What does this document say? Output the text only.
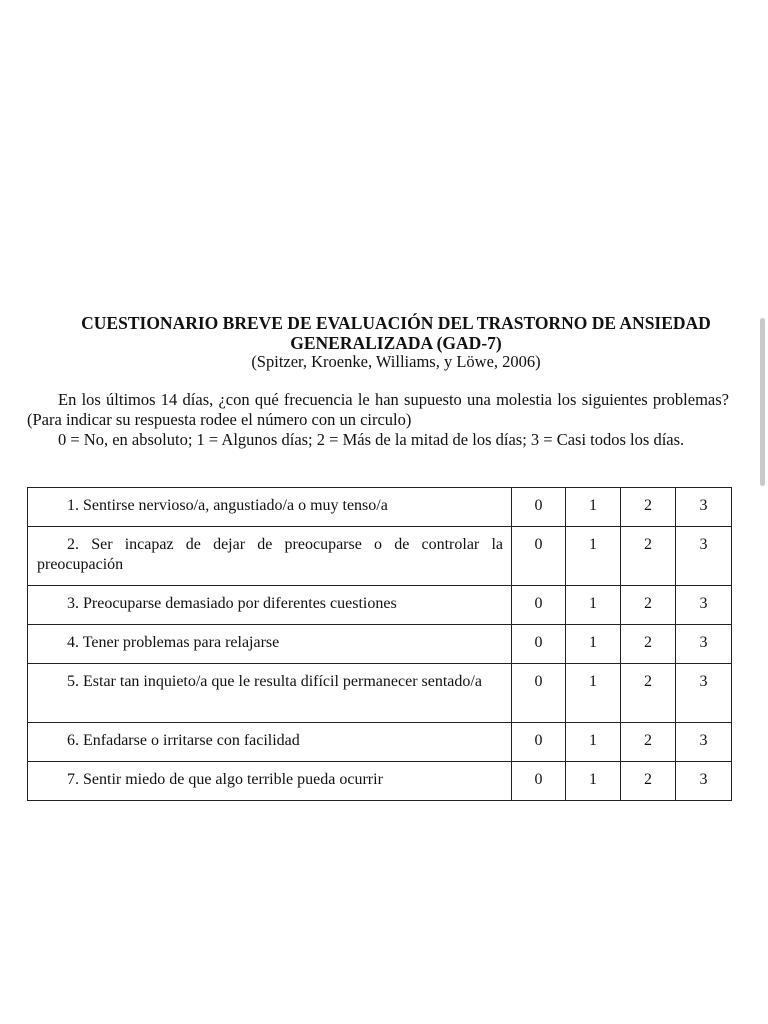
CUESTIONARIO BREVE DE EVALUACIÓN DEL TRASTORNO DE ANSIEDAD
GENERALIZADA (GAD-7)
(Spitzer, Kroenke, Williams, y Löwe, 2006)

En los últimos 14 días, ¿con qué frecuencia le han supuesto una molestia los siguientes problemas? (Para indicar su respuesta rodee el número con un circulo)

0 = No, en absoluto; 1 = Algunos días; 2 = Más de la mitad de los días; 3 = Casi todos los días.

1. Sentirse nervioso/a, angustiado/a o muy tenso/a	0	1	2	3

2. Ser incapaz de dejar de preocuparse o de controlar la preocupación	0	1	2	3

3. Preocuparse demasiado por diferentes cuestiones	0	1	2	3

4. Tener problemas para relajarse	0	1	2	3

5. Estar tan inquieto/a que le resulta difícil permanecer sentado/a	0	1	2	3

6. Enfadarse o irritarse con facilidad	0	1	2	3

7. Sentir miedo de que algo terrible pueda ocurrir	0	1	2	3
